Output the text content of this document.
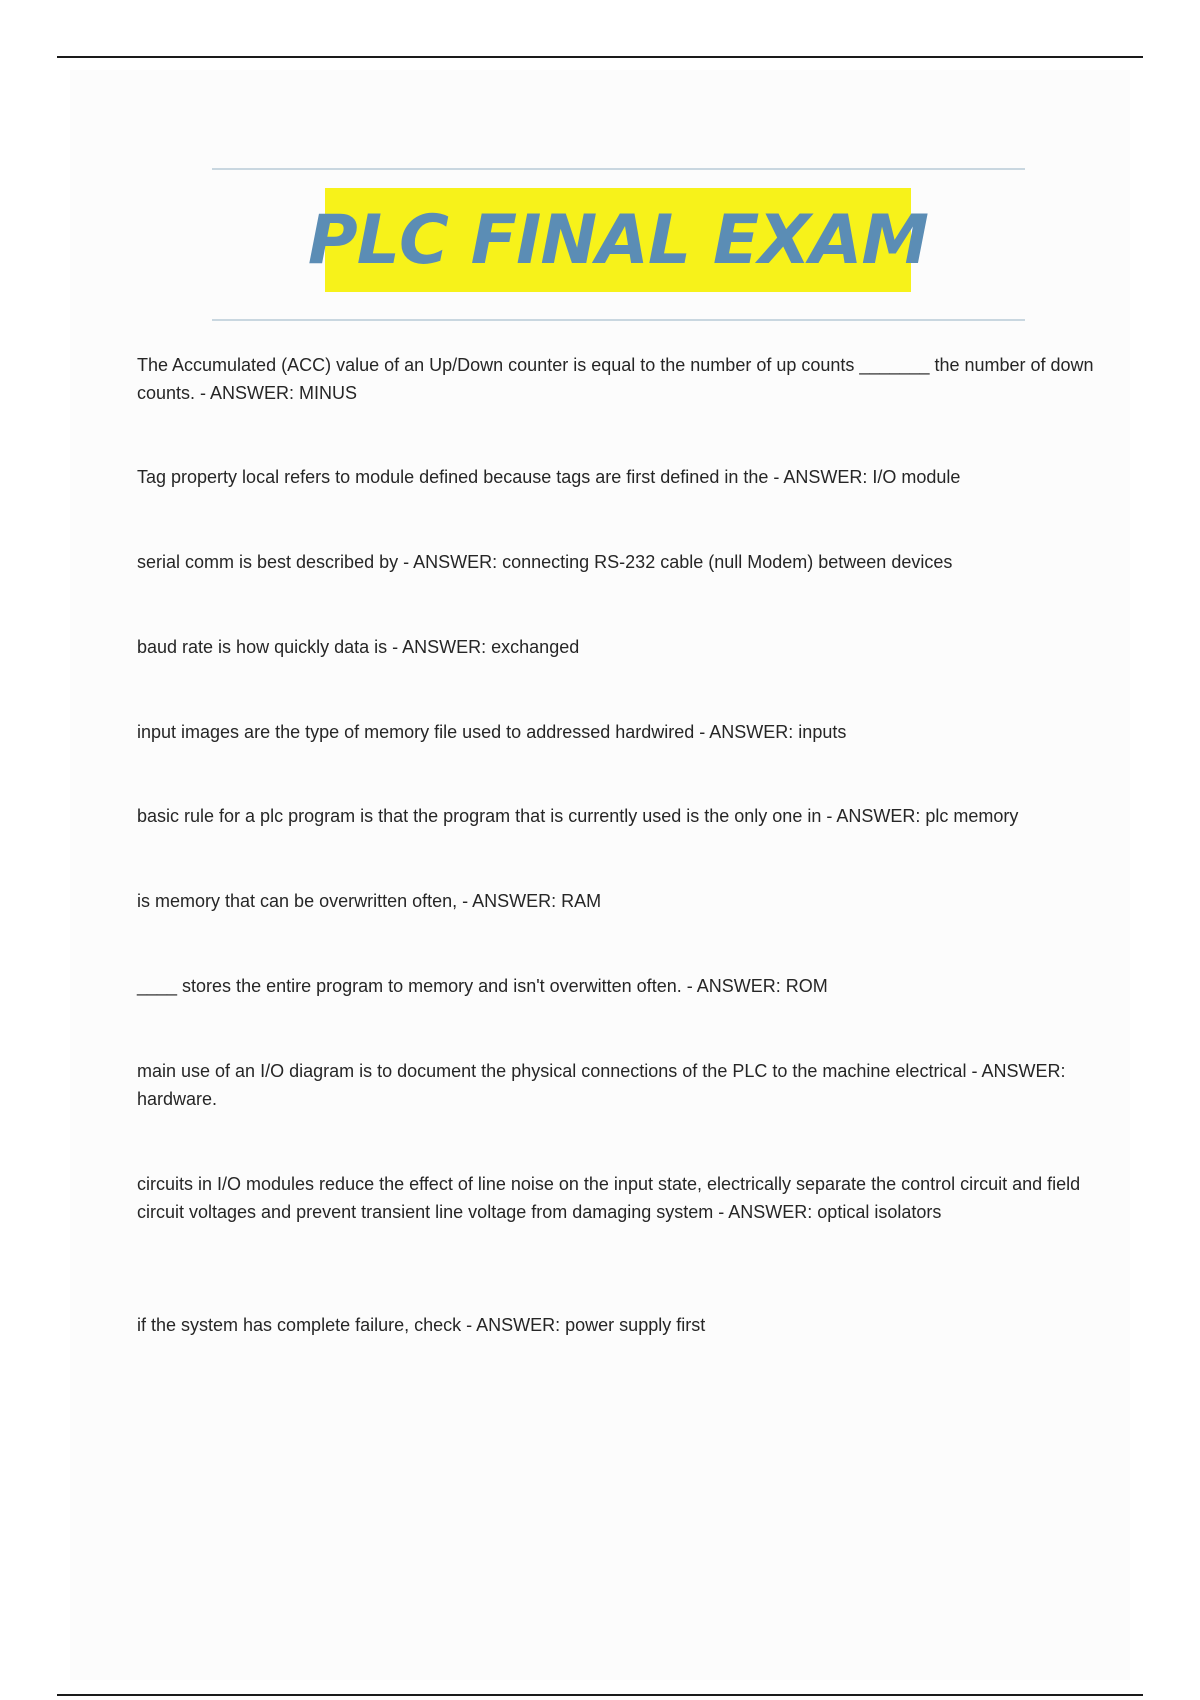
PLC FINAL EXAM
The Accumulated (ACC) value of an Up/Down counter is equal to the number of up counts _______ the number of down counts. - ANSWER: MINUS
Tag property local refers to module defined because tags are first defined in the - ANSWER: I/O module
serial comm is best described by - ANSWER: connecting RS-232 cable (null Modem) between devices
baud rate is how quickly data is - ANSWER: exchanged
input images are the type of memory file used to addressed hardwired - ANSWER: inputs
basic rule for a plc program is that the program that is currently used is the only one in - ANSWER: plc memory
is memory that can be overwritten often, - ANSWER: RAM
____ stores the entire program to memory and isn't overwitten often. - ANSWER: ROM
main use of an I/O diagram is to document the physical connections of the PLC to the machine electrical - ANSWER: hardware.
circuits in I/O modules reduce the effect of line noise on the input state, electrically separate the control circuit and field circuit voltages and prevent transient line voltage from damaging system - ANSWER: optical isolators
if the system has complete failure, check - ANSWER: power supply first
